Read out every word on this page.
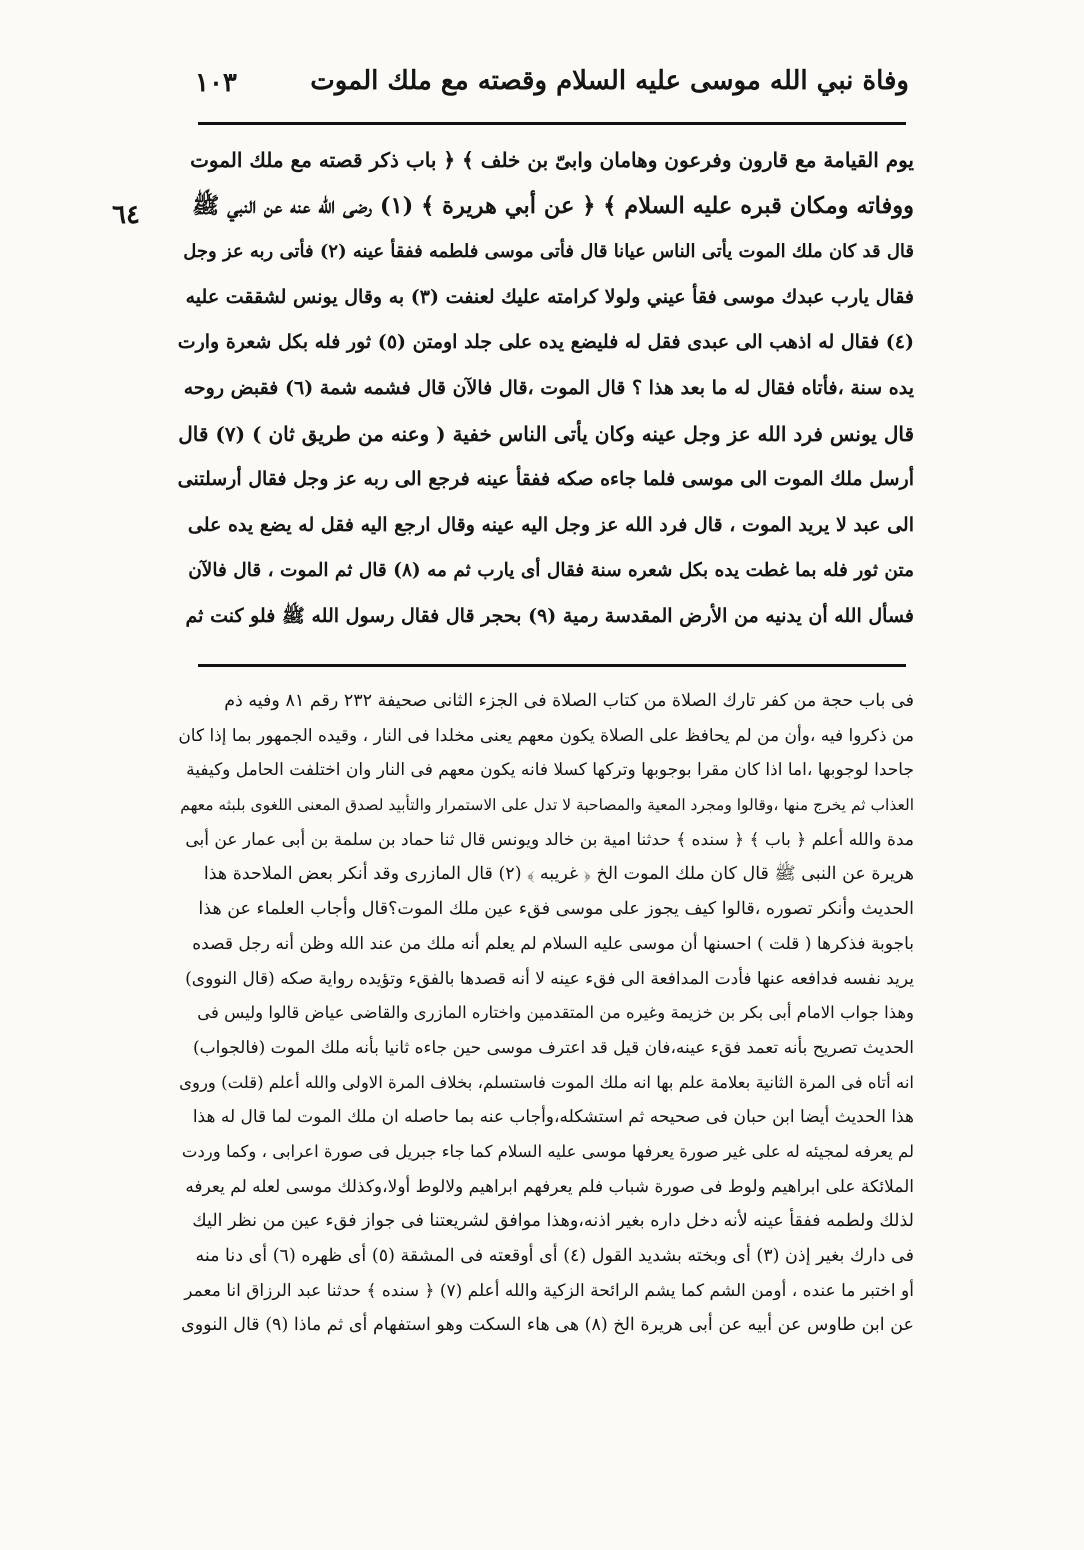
وفاة نبي الله موسى عليه السلام وقصته مع ملك الموت
١٠٣
٦٤
يوم القيامة مع قارون وفرعون وهامان وابىّ بن خلف ﴾ ﴿ باب ذكر قصته مع ملك الموت
ووفاته ومكان قبره عليه السلام ﴾ ﴿ عن أبي هريرة ﴾ (١) رضى الله عنه عن النبي ﷺ
قال قد كان ملك الموت يأتى الناس عيانا قال فأتى موسى فلطمه ففقأ عينه (٢) فأتى ربه عز وجل
فقال يارب عبدك موسى فقأ عيني ولولا كرامته عليك لعنفت (٣) به وقال يونس لشققت عليه
(٤) فقال له اذهب الى عبدى فقل له فليضع يده على جلد اومتن (٥) ثور فله بكل شعرة وارت
يده سنة ،فأتاه فقال له ما بعد هذا ؟ قال الموت ،قال فالآن قال فشمه شمة (٦) فقبض روحه
قال يونس فرد الله عز وجل عينه وكان يأتى الناس خفية ( وعنه من طريق ثان ) (٧) قال
أرسل ملك الموت الى موسى فلما جاءه صكه ففقأ عينه فرجع الى ربه عز وجل فقال أرسلتنى
الى عبد لا يريد الموت ، قال فرد الله عز وجل اليه عينه وقال ارجع اليه فقل له يضع يده على
متن ثور فله بما غطت يده بكل شعره سنة فقال أى يارب ثم مه (٨) قال ثم الموت ، قال فالآن
فسأل الله أن يدنيه من الأرض المقدسة رمية (٩) بحجر قال فقال رسول الله ﷺ فلو كنت ثم
فى باب حجة من كفر تارك الصلاة من كتاب الصلاة فى الجزء الثانى صحيفة ٢٣٢ رقم ٨١ وفيه ذم
من ذكروا فيه ،وأن من لم يحافظ على الصلاة يكون معهم يعنى مخلدا فى النار ، وقيده الجمهور بما إذا كان
جاحدا لوجوبها ،اما اذا كان مقرا بوجوبها وتركها كسلا فانه يكون معهم فى النار وان اختلفت الحامل وكيفية
العذاب ثم يخرج منها ،وقالوا ومجرد المعية والمصاحبة لا تدل على الاستمرار والتأبيد لصدق المعنى اللغوى بلبثه معهم
مدة والله أعلم ﴿ باب ﴾ ﴿ سنده ﴾ حدثنا امية بن خالد ويونس قال ثنا حماد بن سلمة بن أبى عمار عن أبى
هريرة عن النبى ﷺ قال كان ملك الموت الخ ﴿ غريبه ﴾ (٢) قال المازرى وقد أنكر بعض الملاحدة هذا
الحديث وأنكر تصوره ،قالوا كيف يجوز على موسى فقء عين ملك الموت؟قال وأجاب العلماء عن هذا
باجوبة فذكرها ( قلت ) احسنها أن موسى عليه السلام لم يعلم أنه ملك من عند الله وظن أنه رجل قصده
يريد نفسه فدافعه عنها فأدت المدافعة الى فقء عينه لا أنه قصدها بالفقء وتؤيده رواية صكه (قال النووى)
وهذا جواب الامام أبى بكر بن خزيمة وغيره من المتقدمين واختاره المازرى والقاضى عياض قالوا وليس فى
الحديث تصريح بأنه تعمد فقء عينه،فان قيل قد اعترف موسى حين جاءه ثانيا بأنه ملك الموت (فالجواب)
انه أتاه فى المرة الثانية بعلامة علم بها انه ملك الموت فاستسلم، بخلاف المرة الاولى والله أعلم (قلت) وروى
هذا الحديث أيضا ابن حبان فى صحيحه ثم استشكله،وأجاب عنه بما حاصله ان ملك الموت لما قال له هذا
لم يعرفه لمجيئه له على غير صورة يعرفها موسى عليه السلام كما جاء جبريل فى صورة اعرابى ، وكما وردت
الملائكة على ابراهيم ولوط فى صورة شباب فلم يعرفهم ابراهيم ولالوط أولا،وكذلك موسى لعله لم يعرفه
لذلك ولطمه ففقأ عينه لأنه دخل داره بغير اذنه،وهذا موافق لشريعتنا فى جواز فقء عين من نظر اليك
فى دارك بغير إذن (٣) أى وبخته بشديد القول (٤) أى أوقعته فى المشقة (٥) أى ظهره (٦) أى دنا منه
أو اختبر ما عنده ، أومن الشم كما يشم الرائحة الزكية والله أعلم (٧) ﴿ سنده ﴾ حدثنا عبد الرزاق انا معمر
عن ابن طاوس عن أبيه عن أبى هريرة الخ (٨) هى هاء السكت وهو استفهام أى ثم ماذا (٩) قال النووى
